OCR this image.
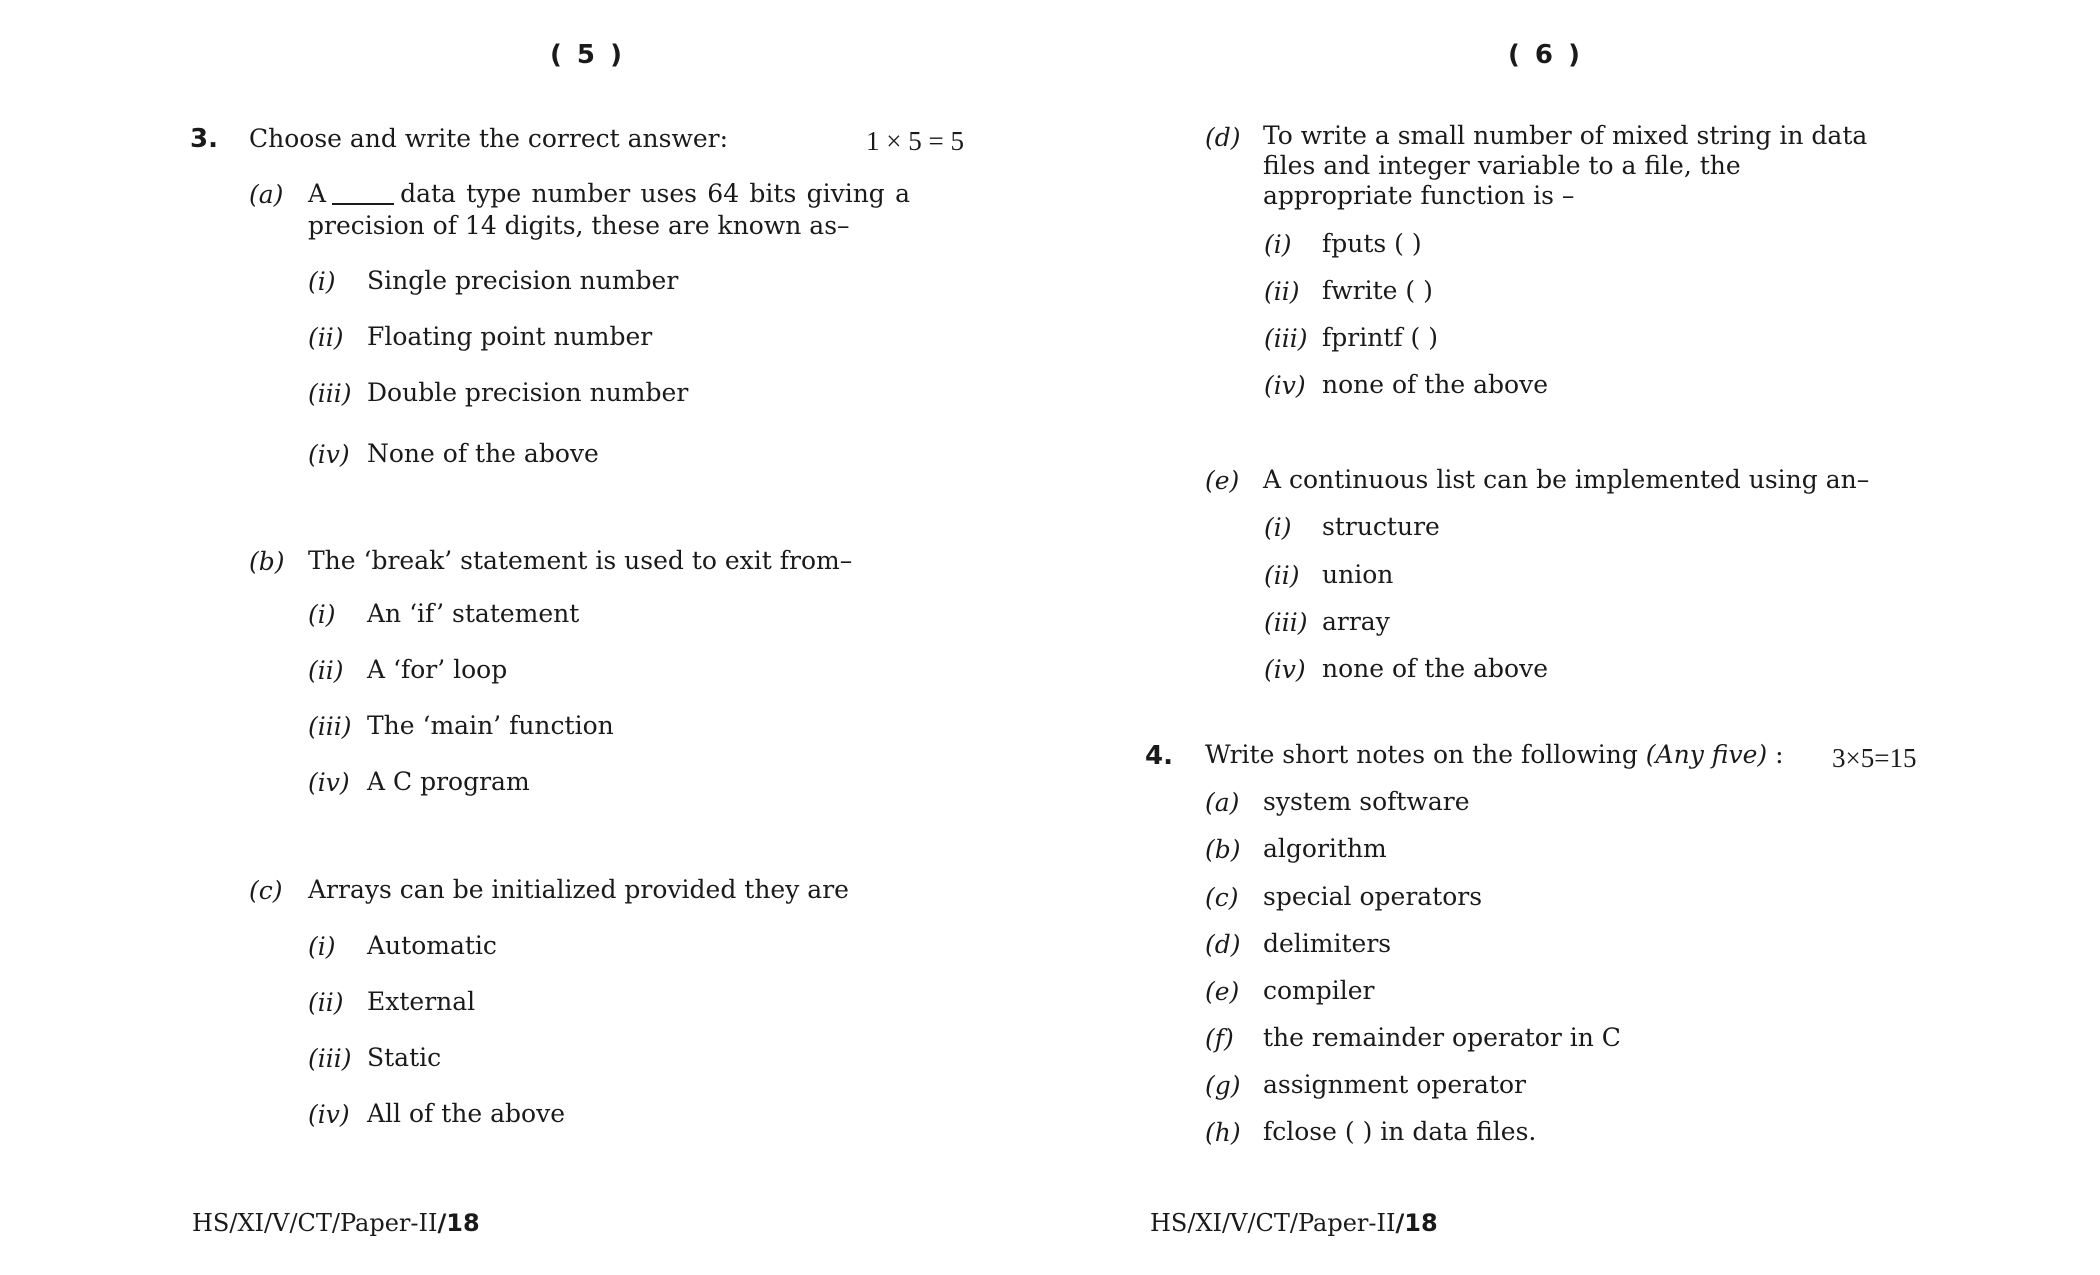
( 5 )	( 6 )
3. Choose and write the correct answer:	1 × 5 = 5
(a) A	data type number uses 64 bits giving a precision of 14 digits, these are known as–
(i) Single precision number
(ii) Floating point number
(iii) Double precision number
(iv) None of the above
(b) The ‘break’ statement is used to exit from–
(i) An ‘if’ statement
(ii) A ‘for’ loop
(iii) The ‘main’ function
(iv) A C program
(c) Arrays can be initialized provided they are
(i) Automatic
(ii) External
(iii) Static
(iv) All of the above
HS/XI/V/CT/Paper-II/18
(d) To write a small number of mixed string in data files and integer variable to a file, the appropriate function is –
(i) fputs ( )
(ii) fwrite ( )
(iii) fprintf ( )
(iv) none of the above
(e) A continuous list can be implemented using an–
(i) structure
(ii) union
(iii) array
(iv) none of the above
4. Write short notes on the following (Any five) : 3×5=15
(a) system software
(b) algorithm
(c) special operators
(d) delimiters
(e) compiler
(f) the remainder operator in C
(g) assignment operator
(h) fclose ( ) in data files.
HS/XI/V/CT/Paper-II/18
